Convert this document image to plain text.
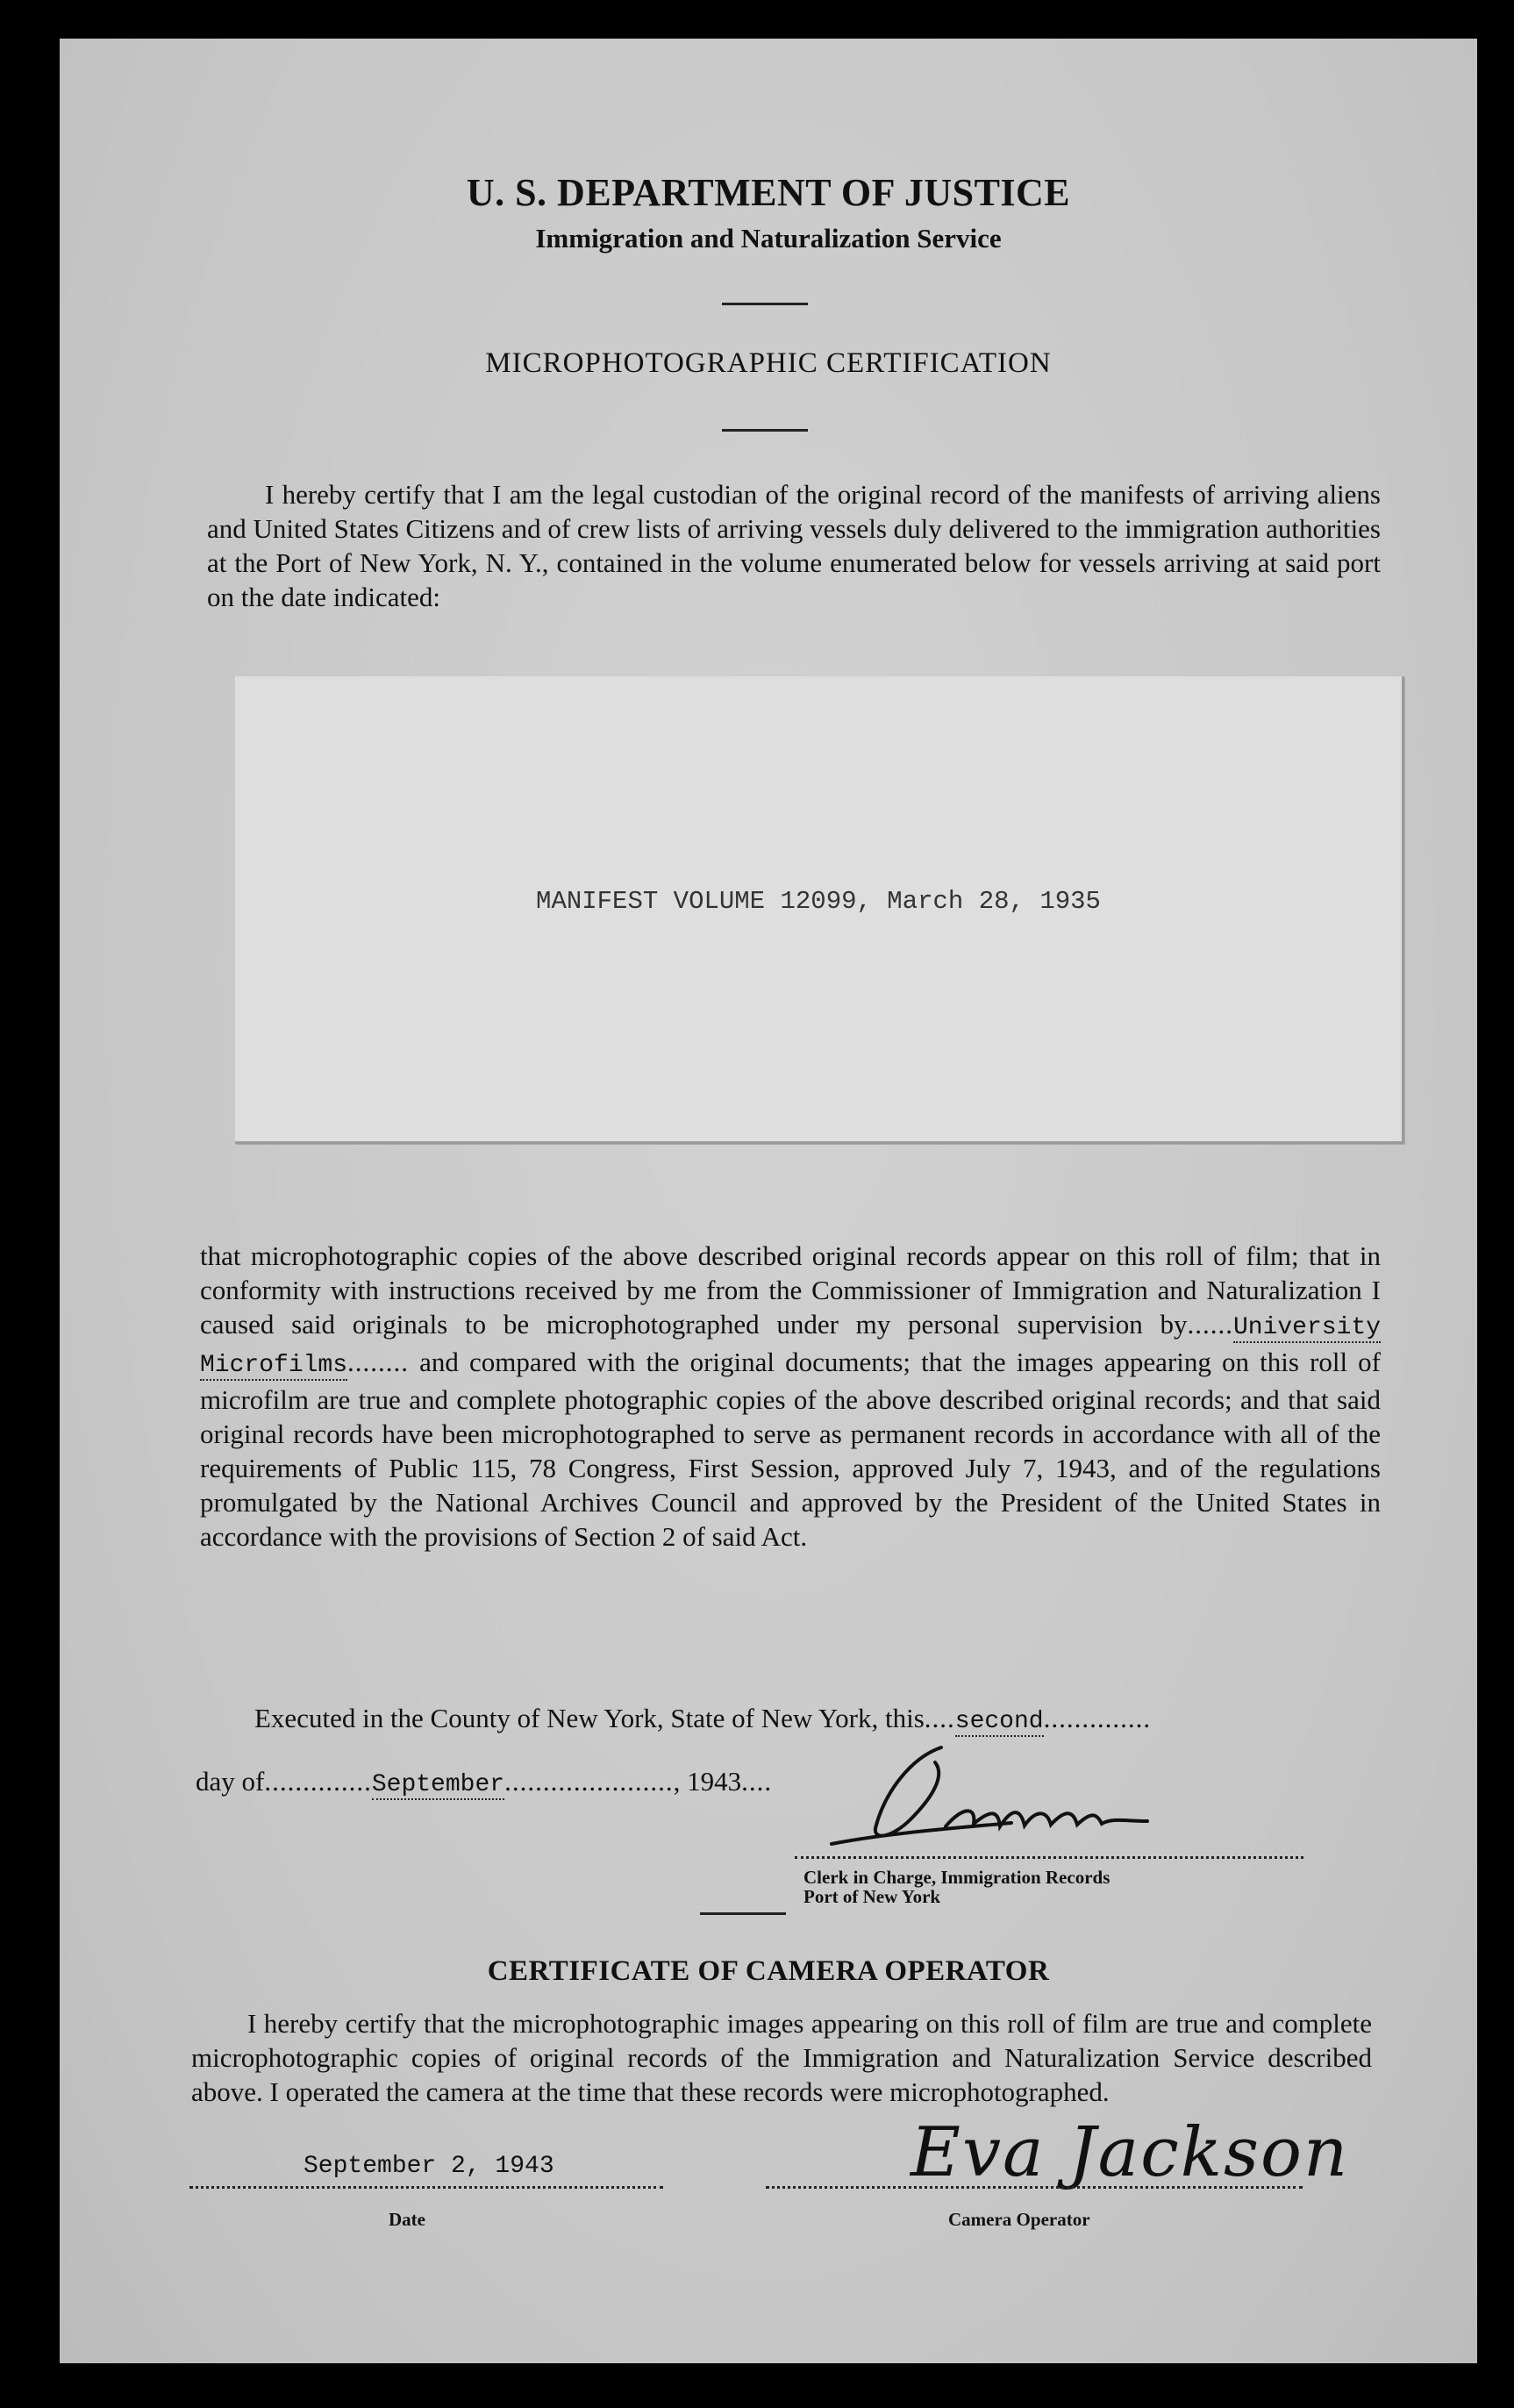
U. S. DEPARTMENT OF JUSTICE
Immigration and Naturalization Service
MICROPHOTOGRAPHIC CERTIFICATION
I hereby certify that I am the legal custodian of the original record of the manifests of arriving aliens and United States Citizens and of crew lists of arriving vessels duly delivered to the immigration authorities at the Port of New York, N. Y., contained in the volume enumerated below for vessels arriving at said port on the date indicated:
MANIFEST VOLUME 12099, March 28, 1935
that microphotographic copies of the above described original records appear on this roll of film; that in conformity with instructions received by me from the Commissioner of Immigration and Naturalization I caused said originals to be microphotographed under my personal supervision by......University Microfilms........ and compared with the original documents; that the images appearing on this roll of microfilm are true and complete photographic copies of the above described original records; and that said original records have been microphotographed to serve as permanent records in accordance with all of the requirements of Public 115, 78 Congress, First Session, approved July 7, 1943, and of the regulations promulgated by the National Archives Council and approved by the President of the United States in accordance with the provisions of Section 2 of said Act.
Executed in the County of New York, State of New York, this....second..............
day of..............September......................, 1943....
Clerk in Charge, Immigration Records
Port of New York
CERTIFICATE OF CAMERA OPERATOR
I hereby certify that the microphotographic images appearing on this roll of film are true and complete microphotographic copies of original records of the Immigration and Naturalization Service described above. I operated the camera at the time that these records were microphotographed.
September 2, 1943
Date
Eva Jackson
Camera Operator
